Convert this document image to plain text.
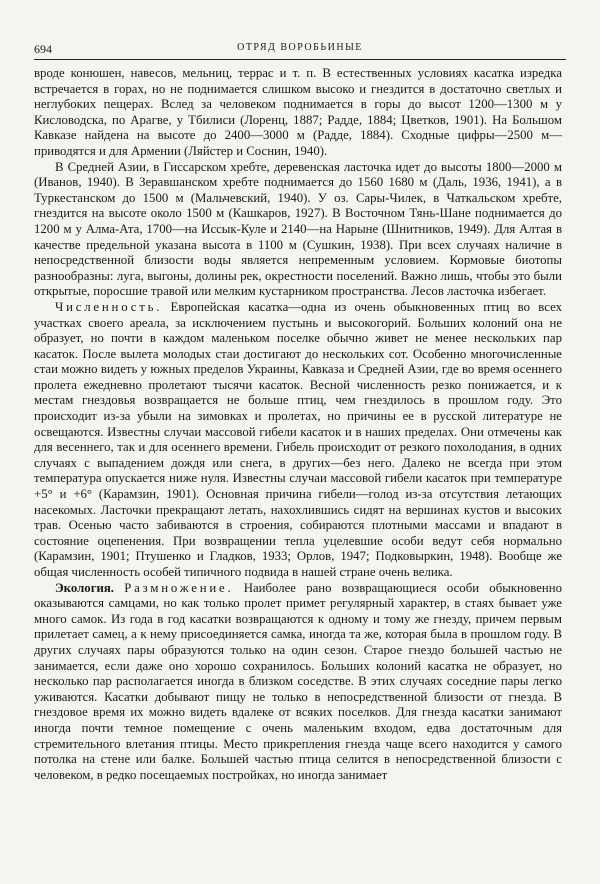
694	ОТРЯД ВОРОБЬИНЫЕ

вроде конюшен, навесов, мельниц, террас и т. п. В естественных условиях касатка изредка встречается в горах, но не поднимается слишком высоко и гнездится в достаточно светлых и неглубоких пещерах. Вслед за человеком поднимается в горы до высот 1200—1300 м у Кисловодска, по Арагве, у Тбилиси (Лоренц, 1887; Радде, 1884; Цветков, 1901). На Большом Кавказе найдена на высоте до 2400—3000 м (Радде, 1884). Сходные цифры—2500 м—приводятся и для Армении (Ляйстер и Соснин, 1940).

В Средней Азии, в Гиссарском хребте, деревенская ласточка идет до высоты 1800—2000 м (Иванов, 1940). В Зеравшанском хребте поднимается до 1560 1680 м (Даль, 1936, 1941), а в Туркестанском до 1500 м (Мальчевский, 1940). У оз. Сары-Чилек, в Чаткальском хребте, гнездится на высоте около 1500 м (Кашкаров, 1927). В Восточном Тянь-Шане поднимается до 1200 м у Алма-Ата, 1700—на Иссык-Куле и 2140—на Нарыне (Шнитников, 1949). Для Алтая в качестве предельной указана высота в 1100 м (Сушкин, 1938). При всех случаях наличие в непосредственной близости воды является непременным условием. Кормовые биотопы разнообразны: луга, выгоны, долины рек, окрестности поселений. Важно лишь, чтобы это были открытые, поросшие травой или мелким кустарником пространства. Лесов ласточка избегает.

Численность. Европейская касатка—одна из очень обыкновенных птиц во всех участках своего ареала, за исключением пустынь и высокогорий. Больших колоний она не образует, но почти в каждом маленьком поселке обычно живет не менее нескольких пар касаток. После вылета молодых стаи достигают до нескольких сот. Особенно многочисленные стаи можно видеть у южных пределов Украины, Кавказа и Средней Азии, где во время осеннего пролета ежедневно пролетают тысячи касаток. Весной численность резко понижается, и к местам гнездовья возвращается не больше птиц, чем гнездилось в прошлом году. Это происходит из-за убыли на зимовках и пролетах, но причины ее в русской литературе не освещаются. Известны случаи массовой гибели касаток и в наших пределах. Они отмечены как для весеннего, так и для осеннего времени. Гибель происходит от резкого похолодания, в одних случаях с выпадением дождя или снега, в других—без него. Далеко не всегда при этом температура опускается ниже нуля. Известны случаи массовой гибели касаток при температуре +5° и +6° (Карамзин, 1901). Основная причина гибели—голод из-за отсутствия летающих насекомых. Ласточки прекращают летать, нахохлившись сидят на вершинах кустов и высоких трав. Осенью часто забиваются в строения, собираются плотными массами и впадают в состояние оцепенения. При возвращении тепла уцелевшие особи ведут себя нормально (Карамзин, 1901; Птушенко и Гладков, 1933; Орлов, 1947; Подковыркин, 1948). Вообще же общая численность особей типичного подвида в нашей стране очень велика.

Экология. Размножение. Наиболее рано возвращающиеся особи обыкновенно оказываются самцами, но как только пролет примет регулярный характер, в стаях бывает уже много самок. Из года в год касатки возвращаются к одному и тому же гнезду, причем первым прилетает самец, а к нему присоединяется самка, иногда та же, которая была в прошлом году. В других случаях пары образуются только на один сезон. Старое гнездо большей частью не занимается, если даже оно хорошо сохранилось. Больших колоний касатка не образует, но несколько пар располагается иногда в близком соседстве. В этих случаях соседние пары легко уживаются. Касатки добывают пищу не только в непосредственной близости от гнезда. В гнездовое время их можно видеть вдалеке от всяких поселков. Для гнезда касатки занимают иногда почти темное помещение с очень маленьким входом, едва достаточным для стремительного влетания птицы. Место прикрепления гнезда чаще всего находится у самого потолка на стене или балке. Большей частью птица селится в непосредственной близости с человеком, в редко посещаемых постройках, но иногда занимает
